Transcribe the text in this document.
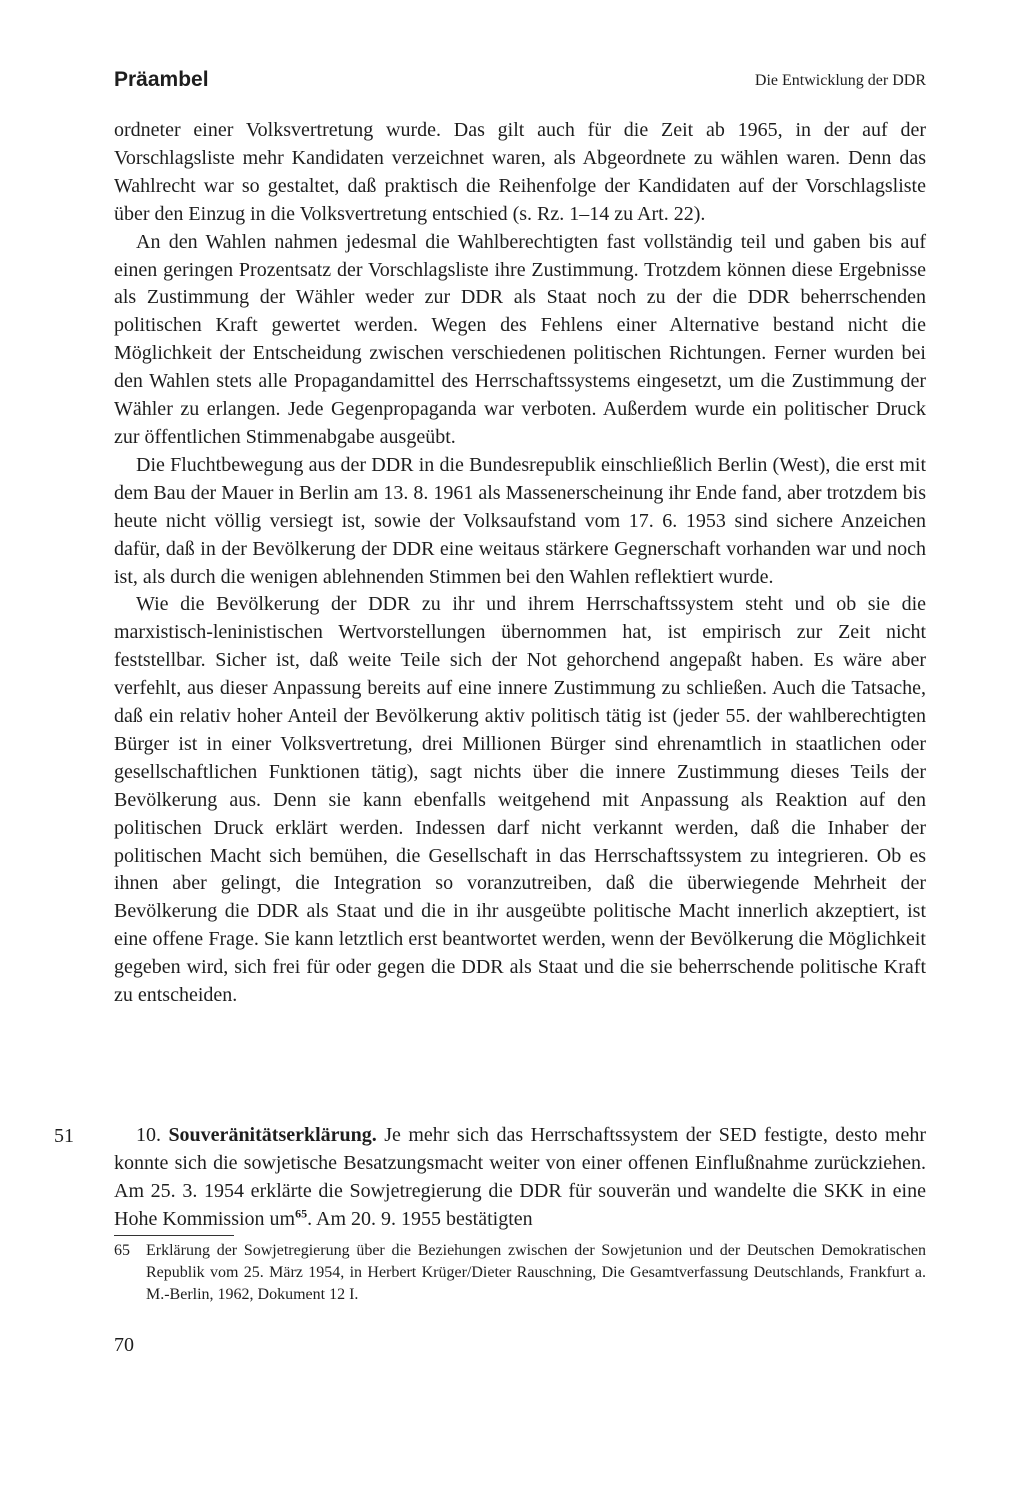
Präambel	Die Entwicklung der DDR

ordneter einer Volksvertretung wurde. Das gilt auch für die Zeit ab 1965, in der auf der Vorschlagsliste mehr Kandidaten verzeichnet waren, als Abgeordnete zu wählen waren. Denn das Wahlrecht war so gestaltet, daß praktisch die Reihenfolge der Kandidaten auf der Vorschlagsliste über den Einzug in die Volksvertretung entschied (s. Rz. 1–14 zu Art. 22).

An den Wahlen nahmen jedesmal die Wahlberechtigten fast vollständig teil und gaben bis auf einen geringen Prozentsatz der Vorschlagsliste ihre Zustimmung. Trotzdem können diese Ergebnisse als Zustimmung der Wähler weder zur DDR als Staat noch zu der die DDR beherrschenden politischen Kraft gewertet werden. Wegen des Fehlens einer Alternative bestand nicht die Möglichkeit der Entscheidung zwischen verschiedenen politischen Richtungen. Ferner wurden bei den Wahlen stets alle Propagandamittel des Herrschaftssystems eingesetzt, um die Zustimmung der Wähler zu erlangen. Jede Gegenpropaganda war verboten. Außerdem wurde ein politischer Druck zur öffentlichen Stimmenabgabe ausgeübt.

Die Fluchtbewegung aus der DDR in die Bundesrepublik einschließlich Berlin (West), die erst mit dem Bau der Mauer in Berlin am 13. 8. 1961 als Massenerscheinung ihr Ende fand, aber trotzdem bis heute nicht völlig versiegt ist, sowie der Volksaufstand vom 17. 6. 1953 sind sichere Anzeichen dafür, daß in der Bevölkerung der DDR eine weitaus stärkere Gegnerschaft vorhanden war und noch ist, als durch die wenigen ablehnenden Stimmen bei den Wahlen reflektiert wurde.

Wie die Bevölkerung der DDR zu ihr und ihrem Herrschaftssystem steht und ob sie die marxistisch-leninistischen Wertvorstellungen übernommen hat, ist empirisch zur Zeit nicht feststellbar. Sicher ist, daß weite Teile sich der Not gehorchend angepaßt haben. Es wäre aber verfehlt, aus dieser Anpassung bereits auf eine innere Zustimmung zu schließen. Auch die Tatsache, daß ein relativ hoher Anteil der Bevölkerung aktiv politisch tätig ist (jeder 55. der wahlberechtigten Bürger ist in einer Volksvertretung, drei Millionen Bürger sind ehrenamtlich in staatlichen oder gesellschaftlichen Funktionen tätig), sagt nichts über die innere Zustimmung dieses Teils der Bevölkerung aus. Denn sie kann ebenfalls weitgehend mit Anpassung als Reaktion auf den politischen Druck erklärt werden. Indessen darf nicht verkannt werden, daß die Inhaber der politischen Macht sich bemühen, die Gesellschaft in das Herrschaftssystem zu integrieren. Ob es ihnen aber gelingt, die Integration so voranzutreiben, daß die überwiegende Mehrheit der Bevölkerung die DDR als Staat und die in ihr ausgeübte politische Macht innerlich akzeptiert, ist eine offene Frage. Sie kann letztlich erst beantwortet werden, wenn der Bevölkerung die Möglichkeit gegeben wird, sich frei für oder gegen die DDR als Staat und die sie beherrschende politische Kraft zu entscheiden.

51	10. Souveränitätserklärung. Je mehr sich das Herrschaftssystem der SED festigte, desto mehr konnte sich die sowjetische Besatzungsmacht weiter von einer offenen Einflußnahme zurückziehen. Am 25. 3. 1954 erklärte die Sowjetregierung die DDR für souverän und wandelte die SKK in eine Hohe Kommission $um^{65}$. Am 20. 9. 1955 bestätigten

65 Erklärung der Sowjetregierung über die Beziehungen zwischen der Sowjetunion und der Deutschen Demokratischen Republik vom 25. März 1954, in Herbert Krüger/Dieter Rauschning, Die Gesamtverfassung Deutschlands, Frankfurt a. M.-Berlin, 1962, Dokument 12 I.
70
